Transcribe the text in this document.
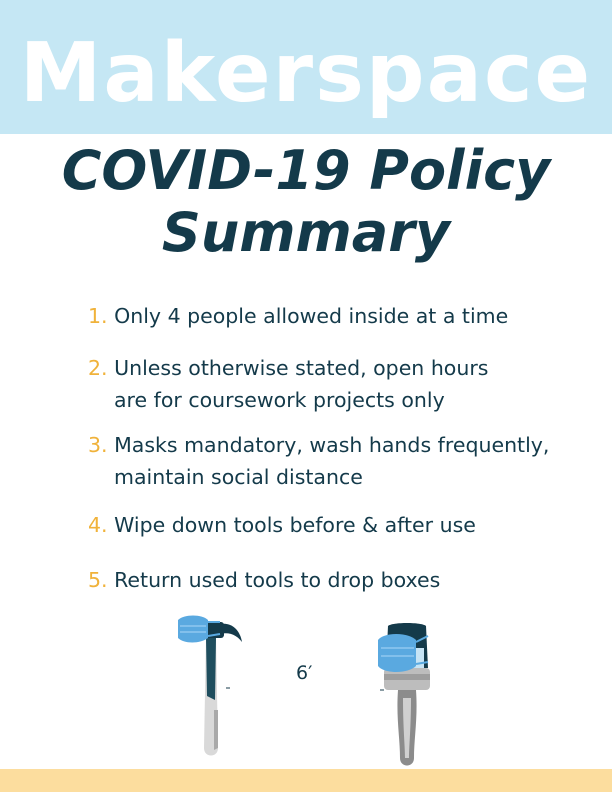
Makerspace
COVID-19 Policy
Summary
1. Only 4 people allowed inside at a time
2. Unless otherwise stated, open hours
are for coursework projects only
3. Masks mandatory, wash hands frequently,
maintain social distance
4. Wipe down tools before & after use
5. Return used tools to drop boxes
6′
